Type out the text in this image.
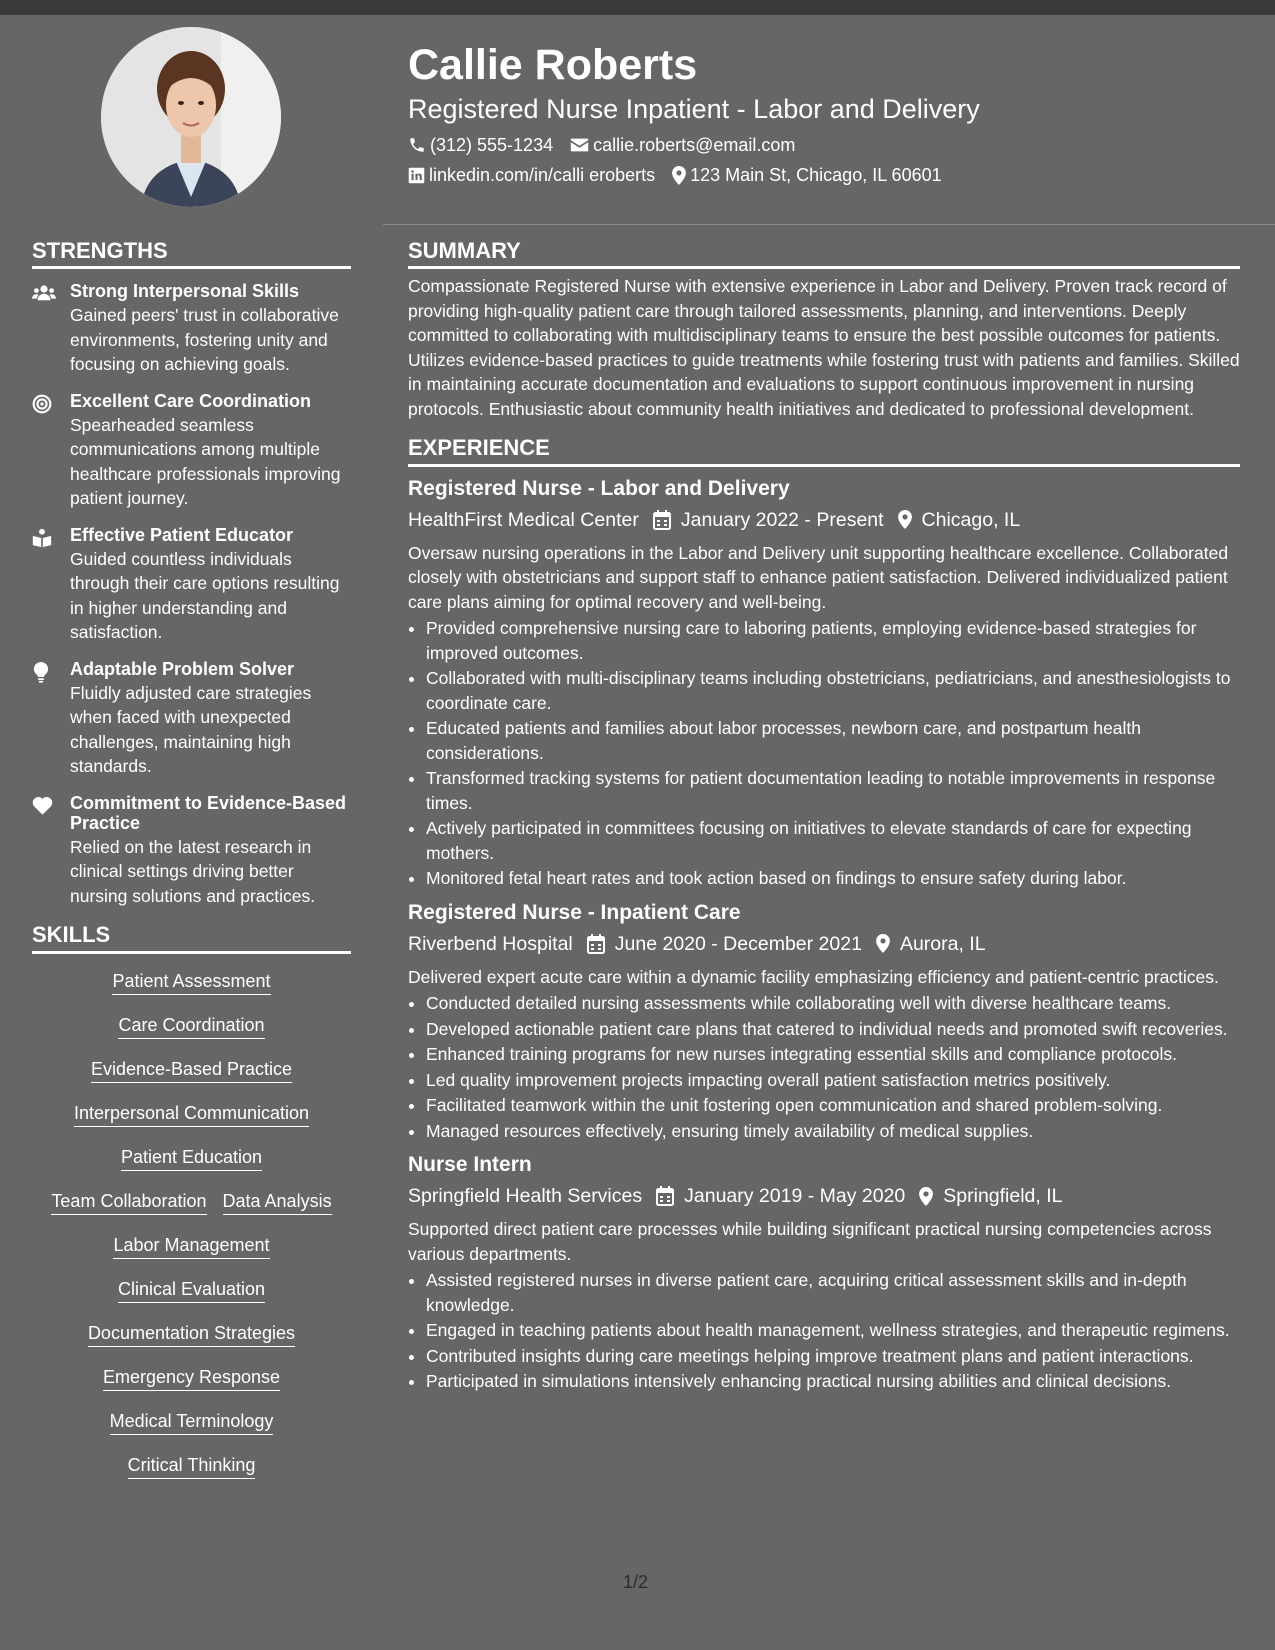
Callie Roberts
Registered Nurse Inpatient - Labor and Delivery
(312) 555-1234 callie.roberts@email.com
linkedin.com/in/calli eroberts 123 Main St, Chicago, IL 60601
STRENGTHS
Strong Interpersonal Skills
Gained peers' trust in collaborative environments, fostering unity and focusing on achieving goals.
Excellent Care Coordination
Spearheaded seamless communications among multiple healthcare professionals improving patient journey.
Effective Patient Educator
Guided countless individuals through their care options resulting in higher understanding and satisfaction.
Adaptable Problem Solver
Fluidly adjusted care strategies when faced with unexpected challenges, maintaining high standards.
Commitment to Evidence-Based Practice
Relied on the latest research in clinical settings driving better nursing solutions and practices.
SKILLS
Patient Assessment
Care Coordination
Evidence-Based Practice
Interpersonal Communication
Patient Education
Team Collaboration Data Analysis
Labor Management
Clinical Evaluation
Documentation Strategies
Emergency Response
Medical Terminology
Critical Thinking
SUMMARY

Compassionate Registered Nurse with extensive experience in Labor and Delivery. Proven track record of providing high-quality patient care through tailored assessments, planning, and interventions. Deeply committed to collaborating with multidisciplinary teams to ensure the best possible outcomes for patients. Utilizes evidence-based practices to guide treatments while fostering trust with patients and families. Skilled in maintaining accurate documentation and evaluations to support continuous improvement in nursing protocols. Enthusiastic about community health initiatives and dedicated to professional development.

EXPERIENCE
Registered Nurse - Labor and Delivery
HealthFirst Medical Center January 2022 - Present Chicago, IL
Oversaw nursing operations in the Labor and Delivery unit supporting healthcare excellence. Collaborated closely with obstetricians and support staff to enhance patient satisfaction. Delivered individualized patient care plans aiming for optimal recovery and well-being.
• Provided comprehensive nursing care to laboring patients, employing evidence-based strategies for improved outcomes.
• Collaborated with multi-disciplinary teams including obstetricians, pediatricians, and anesthesiologists to coordinate care.
• Educated patients and families about labor processes, newborn care, and postpartum health considerations.
• Transformed tracking systems for patient documentation leading to notable improvements in response times.
• Actively participated in committees focusing on initiatives to elevate standards of care for expecting mothers.
• Monitored fetal heart rates and took action based on findings to ensure safety during labor.
Registered Nurse - Inpatient Care
Riverbend Hospital June 2020 - December 2021 Aurora, IL
Delivered expert acute care within a dynamic facility emphasizing efficiency and patient-centric practices.
• Conducted detailed nursing assessments while collaborating well with diverse healthcare teams.
• Developed actionable patient care plans that catered to individual needs and promoted swift recoveries.
• Enhanced training programs for new nurses integrating essential skills and compliance protocols.
• Led quality improvement projects impacting overall patient satisfaction metrics positively.
• Facilitated teamwork within the unit fostering open communication and shared problem-solving.
• Managed resources effectively, ensuring timely availability of medical supplies.
Nurse Intern
Springfield Health Services January 2019 - May 2020 Springfield, IL
Supported direct patient care processes while building significant practical nursing competencies across various departments.
• Assisted registered nurses in diverse patient care, acquiring critical assessment skills and in-depth knowledge.
• Engaged in teaching patients about health management, wellness strategies, and therapeutic regimens.
• Contributed insights during care meetings helping improve treatment plans and patient interactions.
• Participated in simulations intensively enhancing practical nursing abilities and clinical decisions.
1/2
